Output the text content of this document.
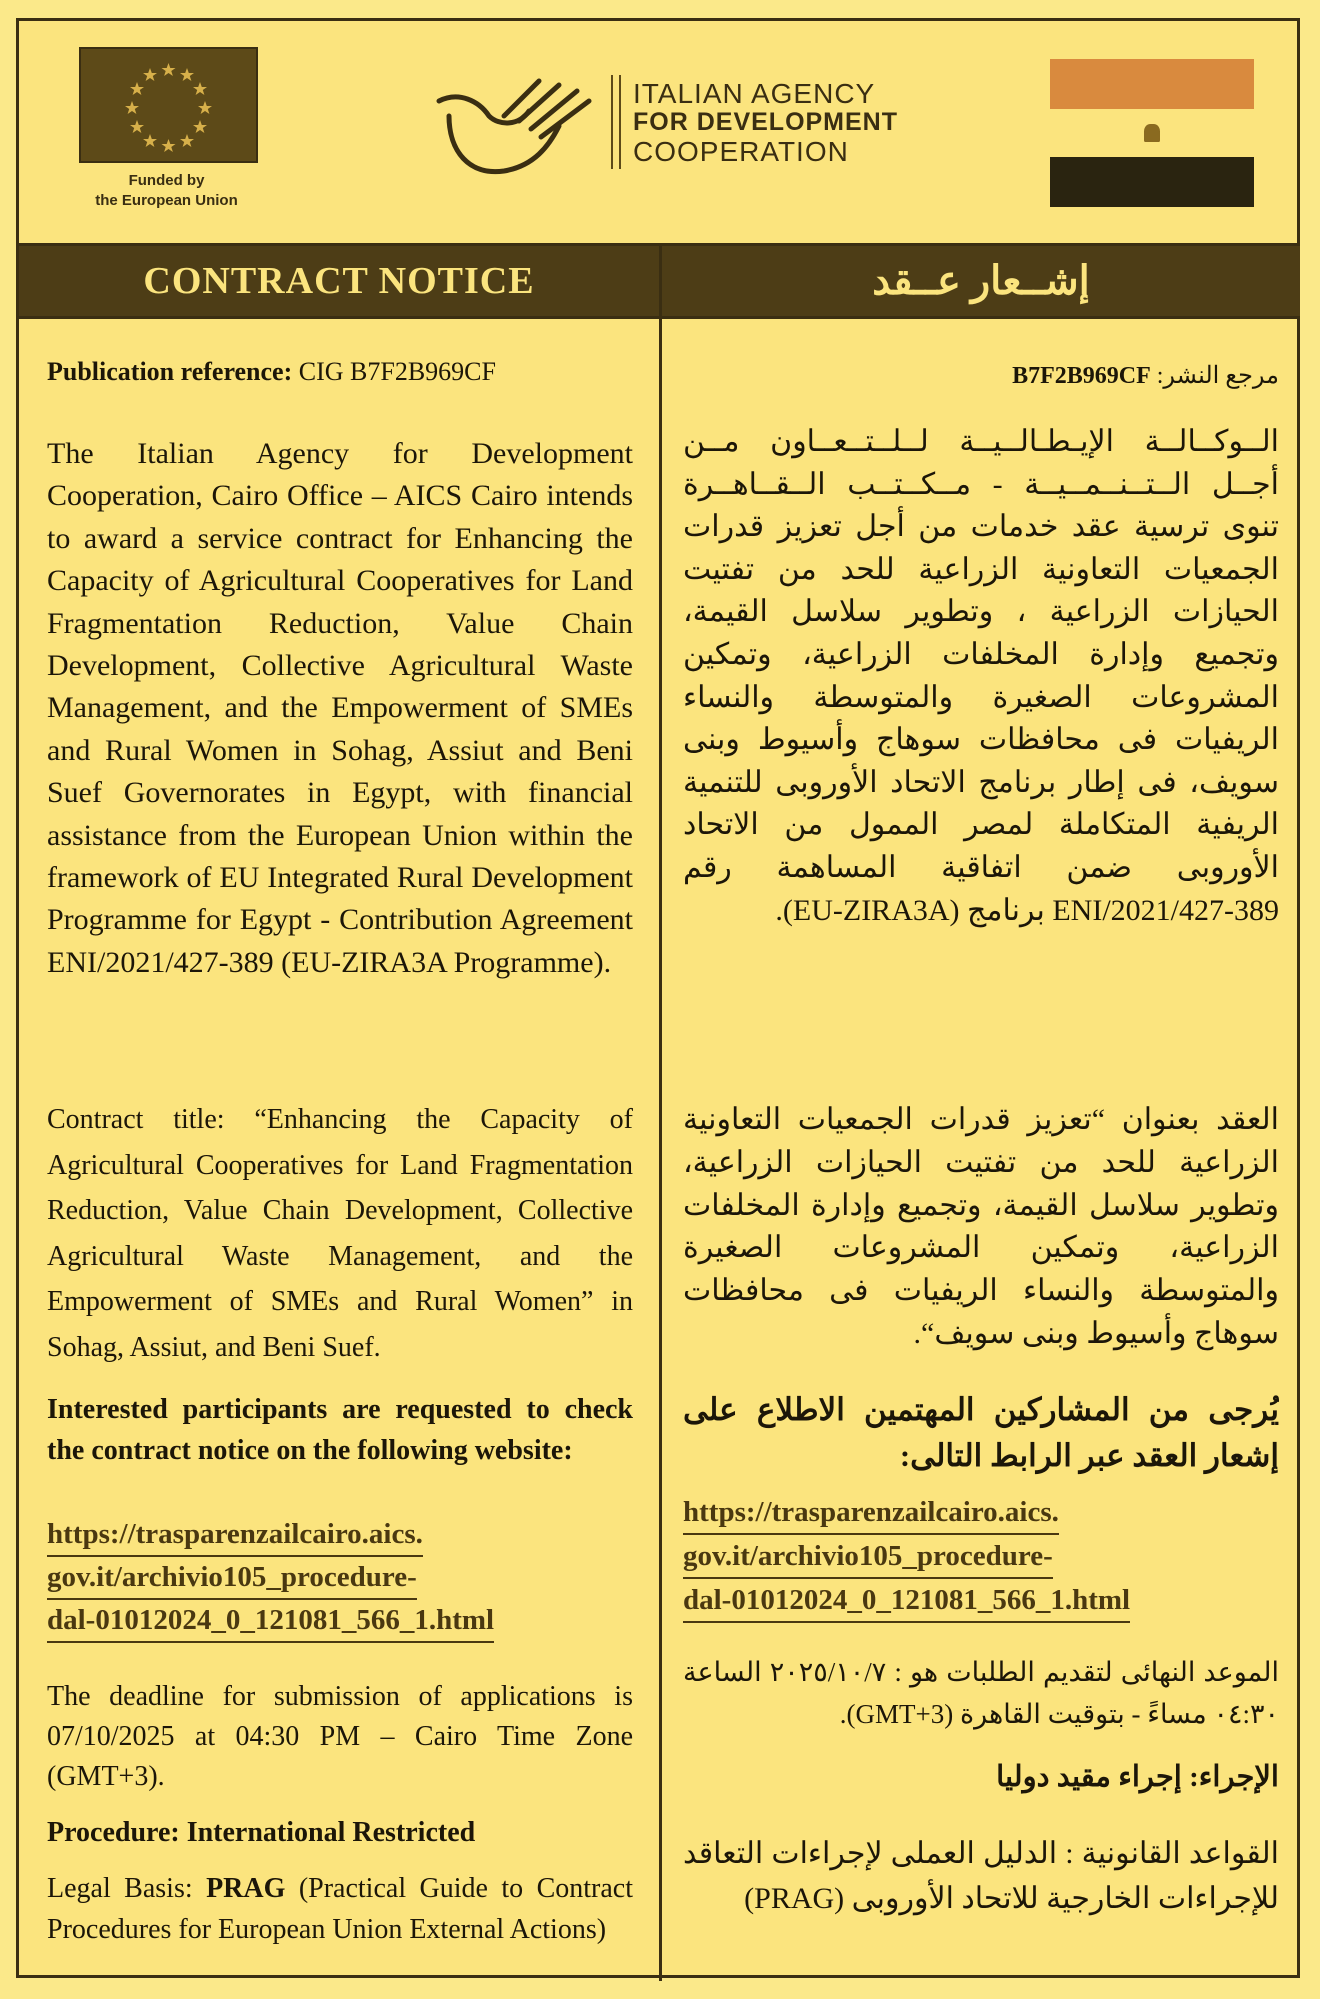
Funded by
the European Union
ITALIAN AGENCY
FOR DEVELOPMENT
COOPERATION
CONTRACT NOTICE	إشــعار عــقد

Publication reference: CIG B7F2B969CF

The Italian Agency for Development Cooperation, Cairo Office – AICS Cairo intends to award a service contract for Enhancing the Capacity of Agricultural Cooperatives for Land Fragmentation Reduction, Value Chain Development, Collective Agricultural Waste Management, and the Empowerment of SMEs and Rural Women in Sohag, Assiut and Beni Suef Governorates in Egypt, with financial assistance from the European Union within the framework of EU Integrated Rural Development Programme for Egypt - Contribution Agreement ENI/2021/427-389 (EU-ZIRA3A Programme).

Contract title: “Enhancing the Capacity of Agricultural Cooperatives for Land Fragmentation Reduction, Value Chain Development, Collective Agricultural Waste Management, and the Empowerment of SMEs and Rural Women” in Sohag, Assiut, and Beni Suef.

Interested participants are requested to check the contract notice on the following website:

https://trasparenzailcairo.aics.
gov.it/archivio105_procedure-
dal-01012024_0_121081_566_1.html

The deadline for submission of applications is 07/10/2025 at 04:30 PM – Cairo Time Zone (GMT+3).

Procedure: International Restricted

Legal Basis: PRAG (Practical Guide to Contract Procedures for European Union External Actions)

مرجع النشر: B7F2B969CF

الــوكــالــة الإيـطـالــيــة لــلــتــعــاون مــن أجــل الــتــنــمــيــة - مــكــتــب الــقــاهــرة تنوى ترسية عقد خدمات من أجل تعزيز قدرات الجمعيات التعاونية الزراعية للحد من تفتيت الحيازات الزراعية ، وتطوير سلاسل القيمة، وتجميع وإدارة المخلفات الزراعية، وتمكين المشروعات الصغيرة والمتوسطة والنساء الريفيات فى محافظات سوهاج وأسيوط وبنى سويف، فى إطار برنامج الاتحاد الأوروبى للتنمية الريفية المتكاملة لمصر الممول من الاتحاد الأوروبى ضمن اتفاقية المساهمة رقم ENI/2021/427-389 برنامج (EU-ZIRA3A).

العقد بعنوان “تعزيز قدرات الجمعيات التعاونية الزراعية للحد من تفتيت الحيازات الزراعية، وتطوير سلاسل القيمة، وتجميع وإدارة المخلفات الزراعية، وتمكين المشروعات الصغيرة والمتوسطة والنساء الريفيات فى محافظات سوهاج وأسيوط وبنى سويف“.

يُرجى من المشاركين المهتمين الاطلاع على إشعار العقد عبر الرابط التالى:

https://trasparenzailcairo.aics.
gov.it/archivio105_procedure-
dal-01012024_0_121081_566_1.html

الموعد النهائى لتقديم الطلبات هو : ٢٠٢٥/١٠/٧ الساعة ٠٤:٣٠ مساءً - بتوقيت القاهرة (GMT+3).

الإجراء: إجراء مقيد دوليا

القواعد القانونية : الدليل العملى لإجراءات التعاقد للإجراءات الخارجية للاتحاد الأوروبى (PRAG)
